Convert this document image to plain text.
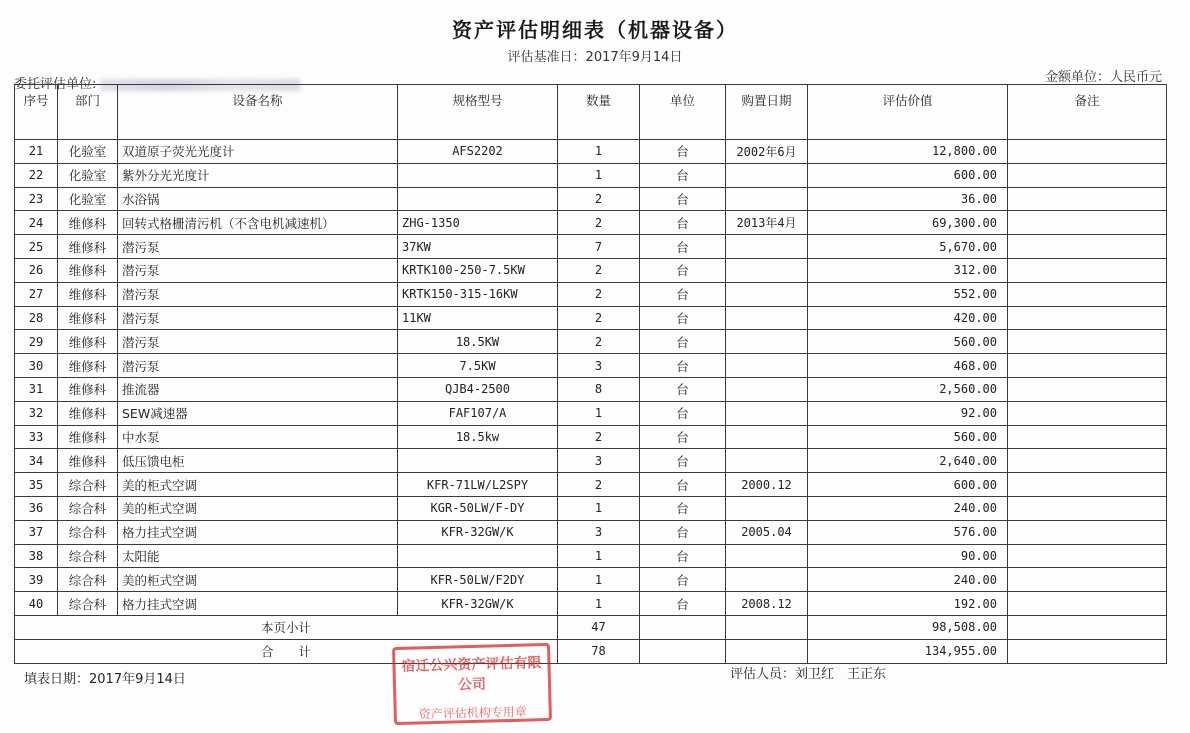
资产评估明细表（机器设备）
评估基准日：2017年9月14日
委托评估单位:	金额单位：人民币元
序号	部门	设备名称	规格型号	数量	单位	购置日期	评估价值	备注
21	化验室	双道原子荧光光度计	AFS2202	1	台	2002年6月	12,800.00	
22	化验室	紫外分光光度计		1	台		600.00	
23	化验室	水浴锅		2	台		36.00	
24	维修科	回转式格栅清污机（不含电机减速机）	ZHG-1350	2	台	2013年4月	69,300.00	
25	维修科	潜污泵	37KW	7	台		5,670.00	
26	维修科	潜污泵	KRTK100-250-7.5KW	2	台		312.00	
27	维修科	潜污泵	KRTK150-315-16KW	2	台		552.00	
28	维修科	潜污泵	11KW	2	台		420.00	
29	维修科	潜污泵	18.5KW	2	台		560.00	
30	维修科	潜污泵	7.5KW	3	台		468.00	
31	维修科	推流器	QJB4-2500	8	台		2,560.00	
32	维修科	SEW减速器	FAF107/A	1	台		92.00	
33	维修科	中水泵	18.5kw	2	台		560.00	
34	维修科	低压馈电柜		3	台		2,640.00	
35	综合科	美的柜式空调	KFR-71LW/L2SPY	2	台	2000.12	600.00	
36	综合科	美的柜式空调	KGR-50LW/F-DY	1	台		240.00	
37	综合科	格力挂式空调	KFR-32GW/K	3	台	2005.04	576.00	
38	综合科	太阳能		1	台		90.00	
39	综合科	美的柜式空调	KFR-50LW/F2DY	1	台		240.00	
40	综合科	格力挂式空调	KFR-32GW/K	1	台	2008.12	192.00	
本页小计				47			98,508.00	
合　　计				78			134,955.00	
填表日期：2017年9月14日	评估人员：刘卫红　王正东
宿迁公兴资产评估有限公司
资产评估机构专用章
